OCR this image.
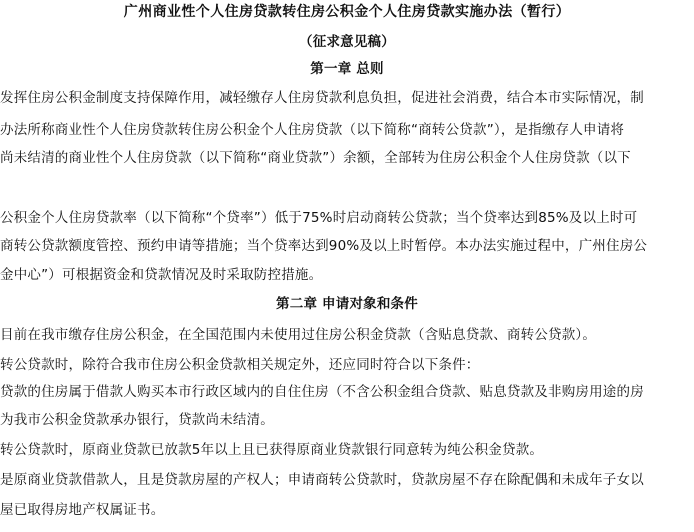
广州商业性个人住房贷款转住房公积金个人住房贷款实施办法（暂行）
（征求意见稿）
第一章 总则
发挥住房公积金制度支持保障作用，减轻缴存人住房贷款利息负担，促进社会消费，结合本市实际情况，制
办法所称商业性个人住房贷款转住房公积金个人住房贷款（以下简称“商转公贷款”），是指缴存人申请将
尚未结清的商业性个人住房贷款（以下简称“商业贷款”）余额，全部转为住房公积金个人住房贷款（以下
公积金个人住房贷款率（以下简称“个贷率”）低于75%时启动商转公贷款；当个贷率达到85%及以上时可
商转公贷款额度管控、预约申请等措施；当个贷率达到90%及以上时暂停。本办法实施过程中，广州住房公
金中心”）可根据资金和贷款情况及时采取防控措施。
第二章 申请对象和条件
目前在我市缴存住房公积金，在全国范围内未使用过住房公积金贷款（含贴息贷款、商转公贷款）。
转公贷款时，除符合我市住房公积金贷款相关规定外，还应同时符合以下条件：
贷款的住房属于借款人购买本市行政区域内的自住住房（不含公积金组合贷款、贴息贷款及非购房用途的房
为我市公积金贷款承办银行，贷款尚未结清。
转公贷款时，原商业贷款已放款5年以上且已获得原商业贷款银行同意转为纯公积金贷款。
是原商业贷款借款人，且是贷款房屋的产权人；申请商转公贷款时，贷款房屋不存在除配偶和未成年子女以
屋已取得房地产权属证书。
